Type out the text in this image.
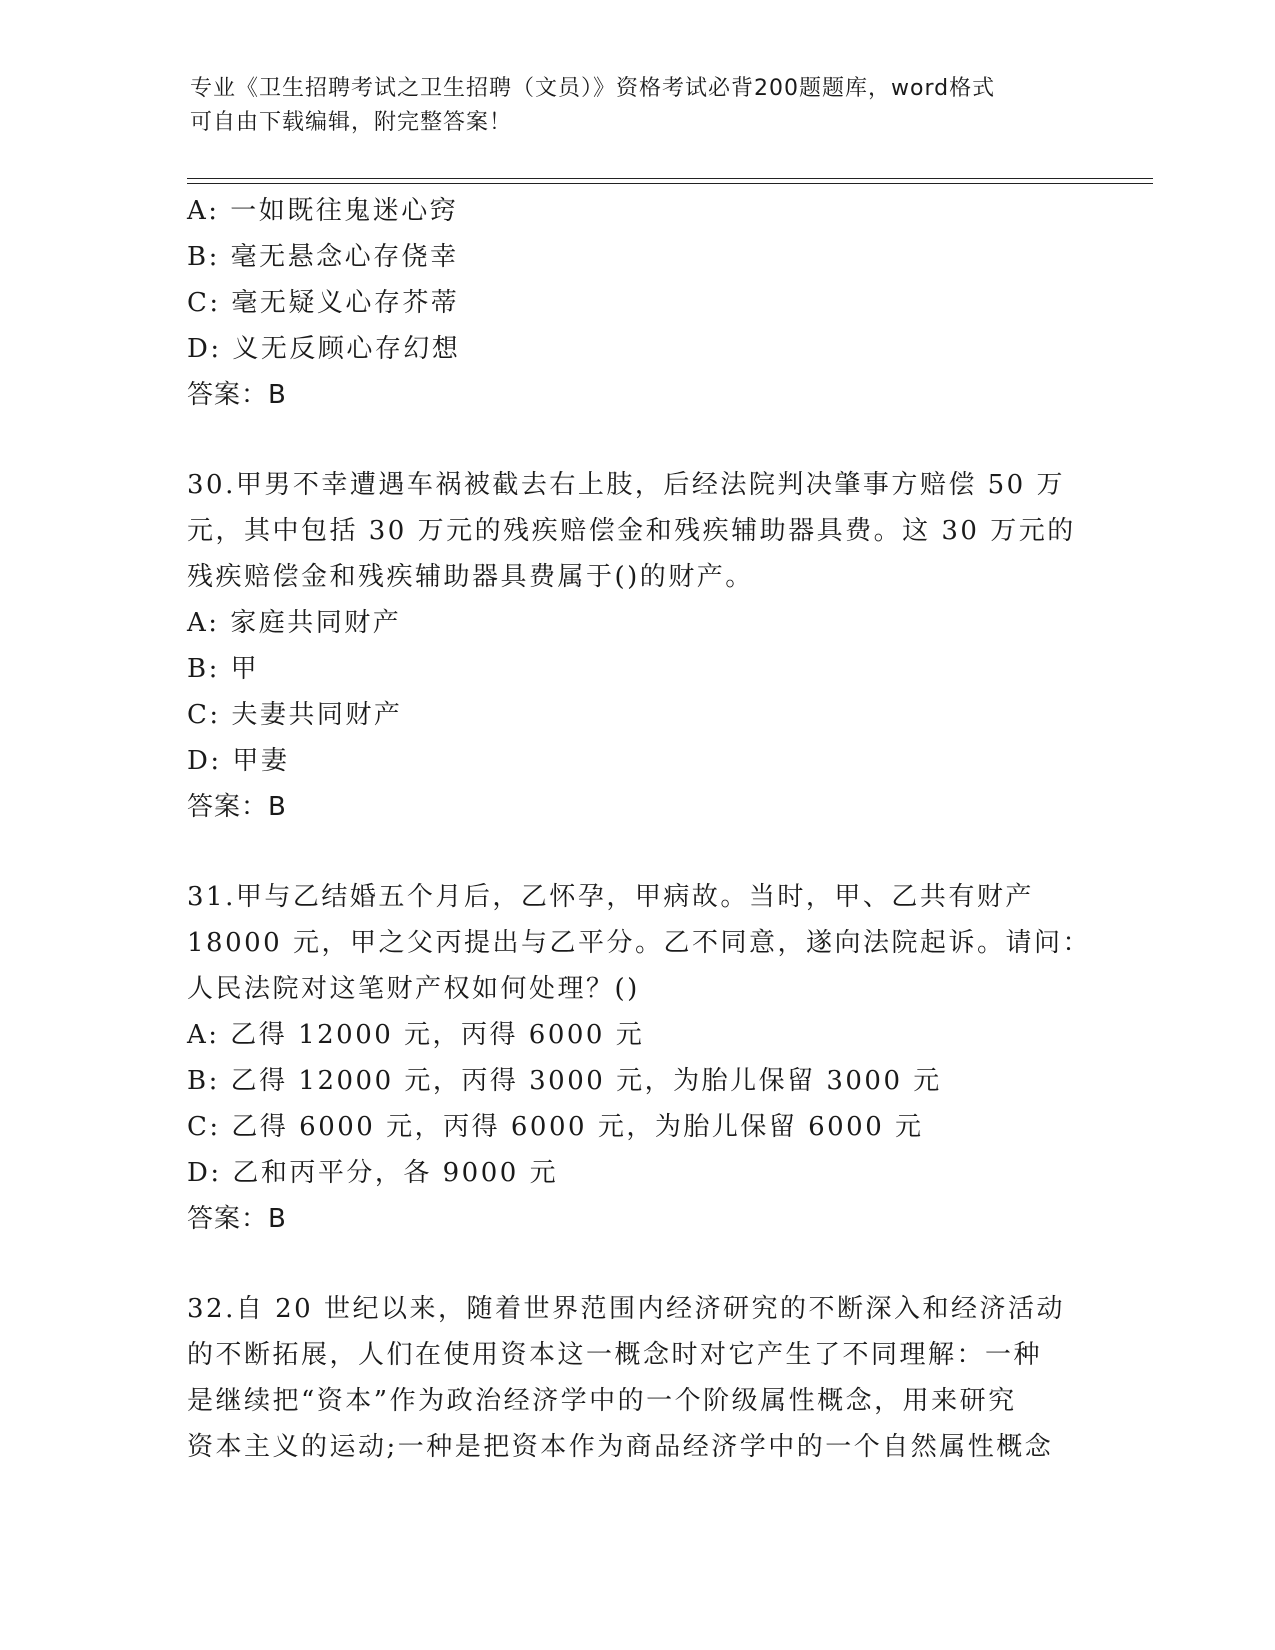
专业《卫生招聘考试之卫生招聘（文员）》资格考试必背200题题库，word格式
可自由下载编辑，附完整答案！
A: 一如既往鬼迷心窍
B: 毫无悬念心存侥幸
C: 毫无疑义心存芥蒂
D: 义无反顾心存幻想
答案：B
30.甲男不幸遭遇车祸被截去右上肢，后经法院判决肇事方赔偿 50 万
元，其中包括 30 万元的残疾赔偿金和残疾辅助器具费。这 30 万元的
残疾赔偿金和残疾辅助器具费属于()的财产。
A: 家庭共同财产
B: 甲
C: 夫妻共同财产
D: 甲妻
答案：B
31.甲与乙结婚五个月后，乙怀孕，甲病故。当时，甲、乙共有财产
18000 元，甲之父丙提出与乙平分。乙不同意，遂向法院起诉。请问：
人民法院对这笔财产权如何处理？()
A: 乙得 12000 元，丙得 6000 元
B: 乙得 12000 元，丙得 3000 元，为胎儿保留 3000 元
C: 乙得 6000 元，丙得 6000 元，为胎儿保留 6000 元
D: 乙和丙平分，各 9000 元
答案：B
32.自 20 世纪以来，随着世界范围内经济研究的不断深入和经济活动
的不断拓展，人们在使用资本这一概念时对它产生了不同理解：一种
是继续把“资本”作为政治经济学中的一个阶级属性概念，用来研究
资本主义的运动;一种是把资本作为商品经济学中的一个自然属性概念
